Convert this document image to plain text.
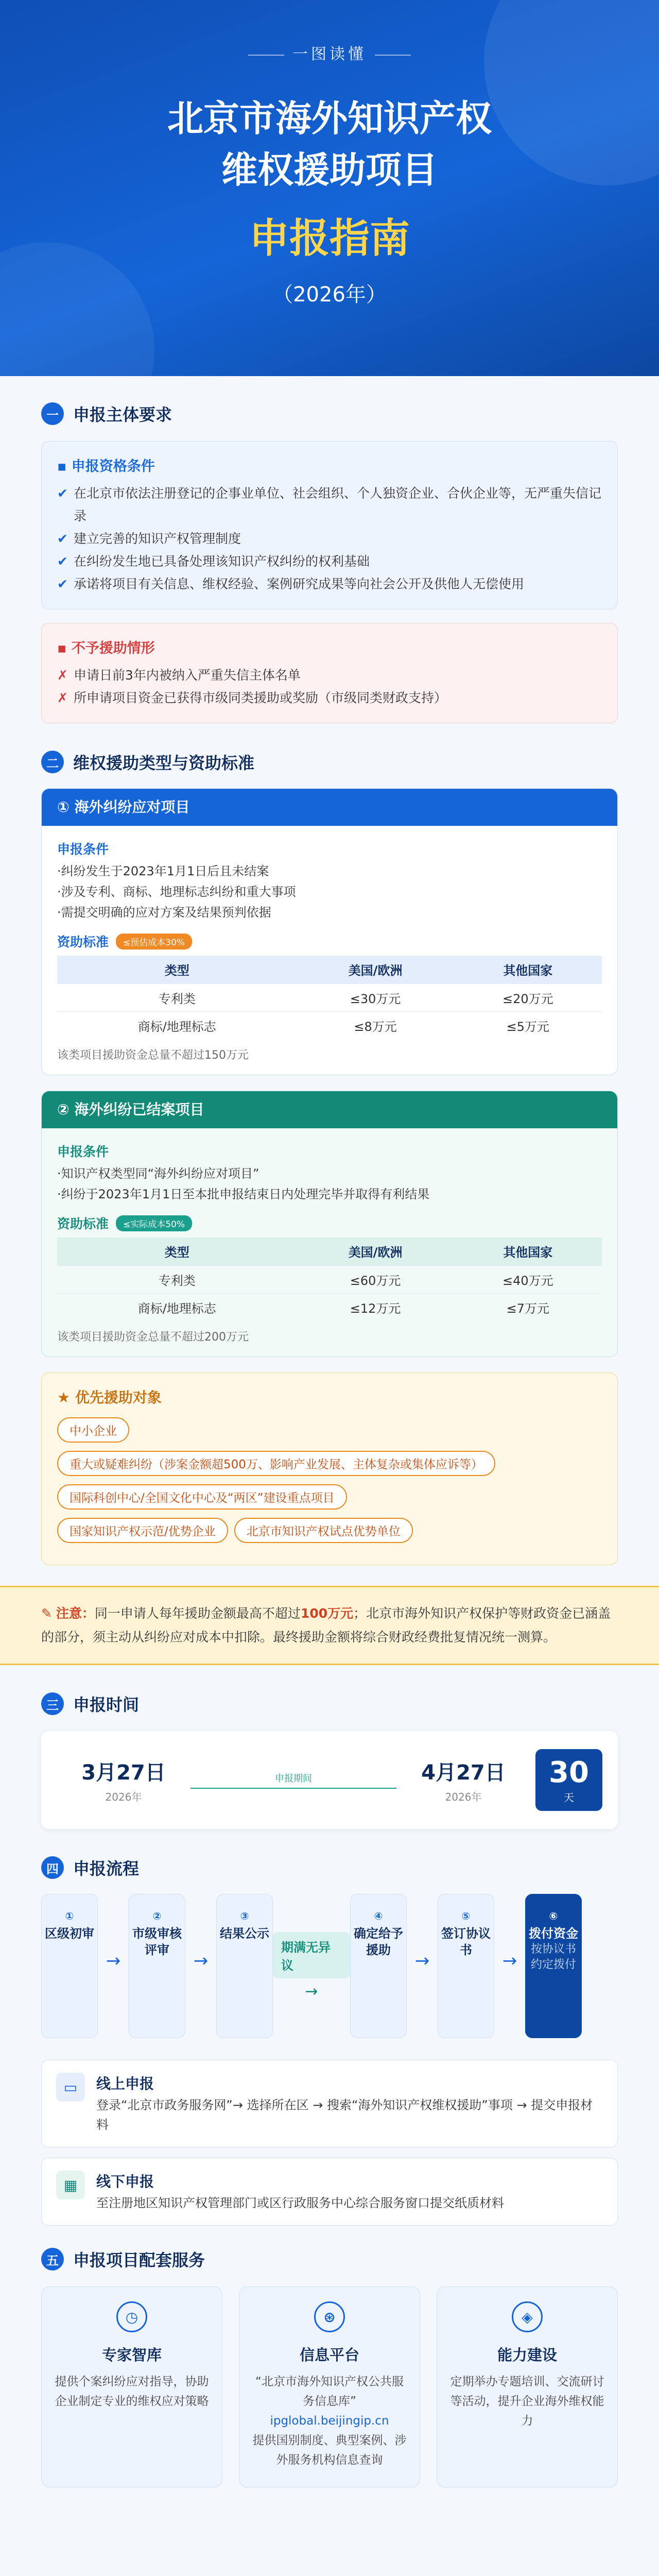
一图读懂
北京市海外知识产权
维权援助项目
申报指南
（2026年）
一 申报主体要求
▪ 申报资格条件
✔ 在北京市依法注册登记的企事业单位、社会组织、个人独资企业、合伙企业等，无严重失信记录
✔ 建立完善的知识产权管理制度
✔ 在纠纷发生地已具备处理该知识产权纠纷的权利基础
✔ 承诺将项目有关信息、维权经验、案例研究成果等向社会公开及供他人无偿使用
▪ 不予援助情形
✗ 申请日前3年内被纳入严重失信主体名单
✗ 所申请项目资金已获得市级同类援助或奖励（市级同类财政支持）
二 维权援助类型与资助标准
① 海外纠纷应对项目
申报条件
·纠纷发生于2023年1月1日后且未结案
·涉及专利、商标、地理标志纠纷和重大事项
·需提交明确的应对方案及结果预判依据
资助标准	≤预估成本30%
类型	美国/欧洲	其他国家
专利类	≤30万元	≤20万元
商标/地理标志	≤8万元	≤5万元
该类项目援助资金总量不超过150万元
② 海外纠纷已结案项目
申报条件
·知识产权类型同“海外纠纷应对项目”
·纠纷于2023年1月1日至本批申报结束日内处理完毕并取得有利结果
资助标准	≤实际成本50%
类型	美国/欧洲	其他国家
专利类	≤60万元	≤40万元
商标/地理标志	≤12万元	≤7万元
该类项目援助资金总量不超过200万元
★ 优先援助对象
中小企业
重大或疑难纠纷（涉案金额超500万、影响产业发展、主体复杂或集体应诉等）
国际科创中心/全国文化中心及“两区”建设重点项目
国家知识产权示范/优势企业	北京市知识产权试点优势单位
✎ 注意：同一申请人每年援助金额最高不超过100万元；北京市海外知识产权保护等财政资金已涵盖的部分，须主动从纠纷应对成本中扣除。最终援助金额将综合财政经费批复情况统一测算。
三 申报时间
3月27日
2026年
申报期间	4月27日
2026年
30
天
四 申报流程
①
区级初审
→
②
市级审核评审
→
③
结果公示
期满无异议
→
④
确定给予援助
→
⑤
签订协议书
→
⑥
拨付资金
按协议书约定拨付
▭	线上申报
登录“北京市政务服务网”→ 选择所在区 → 搜索“海外知识产权维权援助”事项 → 提交申报材料
▦	线下申报
至注册地区知识产权管理部门或区行政服务中心综合服务窗口提交纸质材料
五 申报项目配套服务
◷
专家智库
提供个案纠纷应对指导，协助企业制定专业的维权应对策略
⊛
信息平台
“北京市海外知识产权公共服务信息库”
ipglobal.beijingip.cn
提供国别制度、典型案例、涉外服务机构信息查询
◈
能力建设
定期举办专题培训、交流研讨等活动，提升企业海外维权能力
